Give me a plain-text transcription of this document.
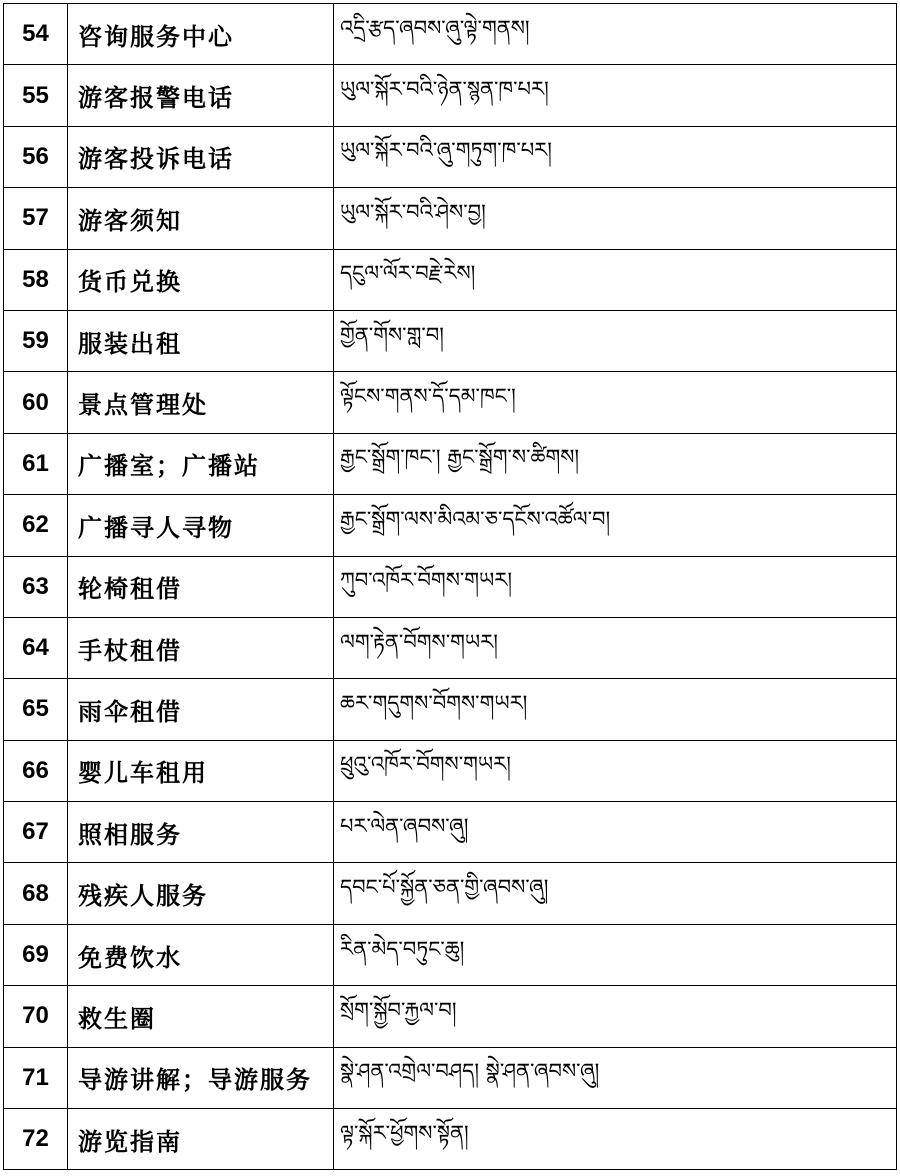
54	咨询服务中心	འདྲི་རྩད་ཞབས་ཞུ་ལྟེ་གནས།
55	游客报警电话	ཡུལ་སྐོར་བའི་ཉེན་སྙན་ཁ་པར།
56	游客投诉电话	ཡུལ་སྐོར་བའི་ཞུ་གཏུག་ཁ་པར།
57	游客须知	ཡུལ་སྐོར་བའི་ཤེས་བྱ།
58	货币兑换	དངུལ་ལོར་བརྗེ་རེས།
59	服装出租	གྱོན་གོས་གླ་བ།
60	景点管理处	ལྟོངས་གནས་དོ་དམ་ཁང་།
61	广播室；广播站	རྒྱང་སྒྲོག་ཁང་། རྒྱང་སྒྲོག་ས་ཚིགས།
62	广播寻人寻物	རྒྱང་སྒྲོག་ལས་མིའམ་ཅ་དངོས་འཚོལ་བ།
63	轮椅租借	ཀུབ་འཁོར་བོགས་གཡར།
64	手杖租借	ལག་རྟེན་བོགས་གཡར།
65	雨伞租借	ཆར་གདུགས་བོགས་གཡར།
66	婴儿车租用	ཕྲུའུ་འཁོར་བོགས་གཡར།
67	照相服务	པར་ལེན་ཞབས་ཞུ།
68	残疾人服务	དབང་པོ་སྐྱོན་ཅན་གྱི་ཞབས་ཞུ།
69	免费饮水	རིན་མེད་བཏུང་ཆུ།
70	救生圈	སྲོག་སྐྱོབ་རྐྱལ་བ།
71	导游讲解；导游服务	སྣེ་ཤན་འགྲེལ་བཤད། སྣེ་ཤན་ཞབས་ཞུ།
72	游览指南	ལྟ་སྐོར་ཕྱོགས་སྟོན།
